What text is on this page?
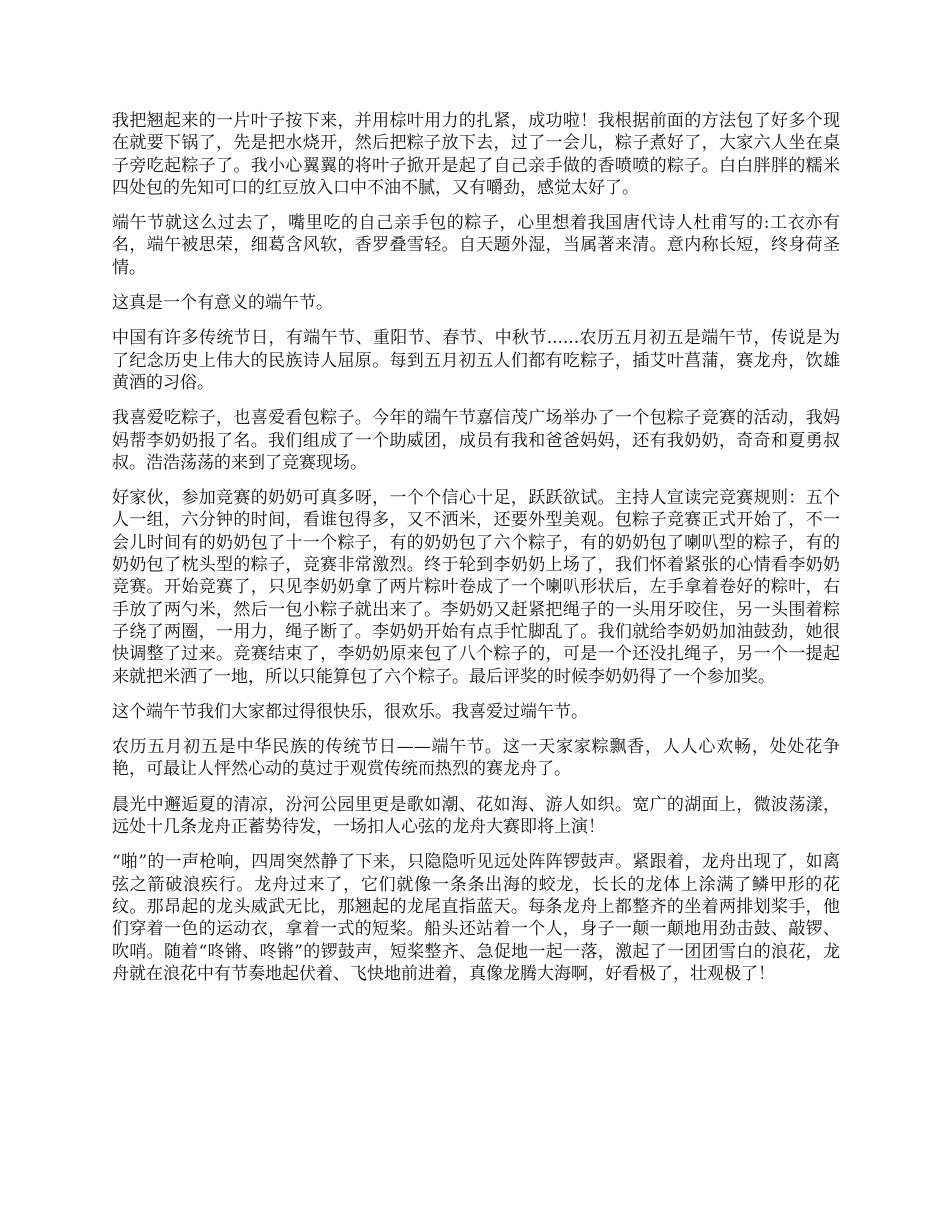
我把翘起来的一片叶子按下来，并用棕叶用力的扎紧，成功啦！我根据前面的方法包了好多个现在就要下锅了，先是把水烧开，然后把粽子放下去，过了一会儿，粽子煮好了，大家六人坐在桌子旁吃起粽子了。我小心翼翼的将叶子掀开是起了自己亲手做的香喷喷的粽子。白白胖胖的糯米四处包的先知可口的红豆放入口中不油不腻，又有嚼劲，感觉太好了。

端午节就这么过去了，嘴里吃的自己亲手包的粽子，心里想着我国唐代诗人杜甫写的:工衣亦有名，端午被思荣，细葛含风软，香罗叠雪轻。自天题外湿，当属著来清。意内称长短，终身荷圣情。

这真是一个有意义的端午节。

中国有许多传统节日，有端午节、重阳节、春节、中秋节......农历五月初五是端午节，传说是为了纪念历史上伟大的民族诗人屈原。每到五月初五人们都有吃粽子，插艾叶菖蒲，赛龙舟，饮雄黄酒的习俗。

我喜爱吃粽子，也喜爱看包粽子。今年的端午节嘉信茂广场举办了一个包粽子竞赛的活动，我妈妈帮李奶奶报了名。我们组成了一个助威团，成员有我和爸爸妈妈，还有我奶奶，奇奇和夏勇叔叔。浩浩荡荡的来到了竞赛现场。

好家伙，参加竞赛的奶奶可真多呀，一个个信心十足，跃跃欲试。主持人宣读完竞赛规则：五个人一组，六分钟的时间，看谁包得多，又不洒米，还要外型美观。包粽子竞赛正式开始了，不一会儿时间有的奶奶包了十一个粽子，有的奶奶包了六个粽子，有的奶奶包了喇叭型的粽子，有的奶奶包了枕头型的粽子，竞赛非常激烈。终于轮到李奶奶上场了，我们怀着紧张的心情看李奶奶竞赛。开始竞赛了，只见李奶奶拿了两片粽叶卷成了一个喇叭形状后，左手拿着卷好的粽叶，右手放了两勺米，然后一包小粽子就出来了。李奶奶又赶紧把绳子的一头用牙咬住，另一头围着粽子绕了两圈，一用力，绳子断了。李奶奶开始有点手忙脚乱了。我们就给李奶奶加油鼓劲，她很快调整了过来。竞赛结束了，李奶奶原来包了八个粽子的，可是一个还没扎绳子，另一个一提起来就把米洒了一地，所以只能算包了六个粽子。最后评奖的时候李奶奶得了一个参加奖。

这个端午节我们大家都过得很快乐，很欢乐。我喜爱过端午节。

农历五月初五是中华民族的传统节日——端午节。这一天家家粽飘香，人人心欢畅，处处花争艳，可最让人怦然心动的莫过于观赏传统而热烈的赛龙舟了。

晨光中邂逅夏的清凉，汾河公园里更是歌如潮、花如海、游人如织。宽广的湖面上，微波荡漾，远处十几条龙舟正蓄势待发，一场扣人心弦的龙舟大赛即将上演！

“啪”的一声枪响，四周突然静了下来，只隐隐听见远处阵阵锣鼓声。紧跟着，龙舟出现了，如离弦之箭破浪疾行。龙舟过来了，它们就像一条条出海的蛟龙，长长的龙体上涂满了鳞甲形的花纹。那昂起的龙头威武无比，那翘起的龙尾直指蓝天。每条龙舟上都整齐的坐着两排划桨手，他们穿着一色的运动衣，拿着一式的短桨。船头还站着一个人，身子一颠一颠地用劲击鼓、敲锣、吹哨。随着“咚锵、咚锵”的锣鼓声，短桨整齐、急促地一起一落，激起了一团团雪白的浪花，龙舟就在浪花中有节奏地起伏着、飞快地前进着，真像龙腾大海啊，好看极了，壮观极了！
